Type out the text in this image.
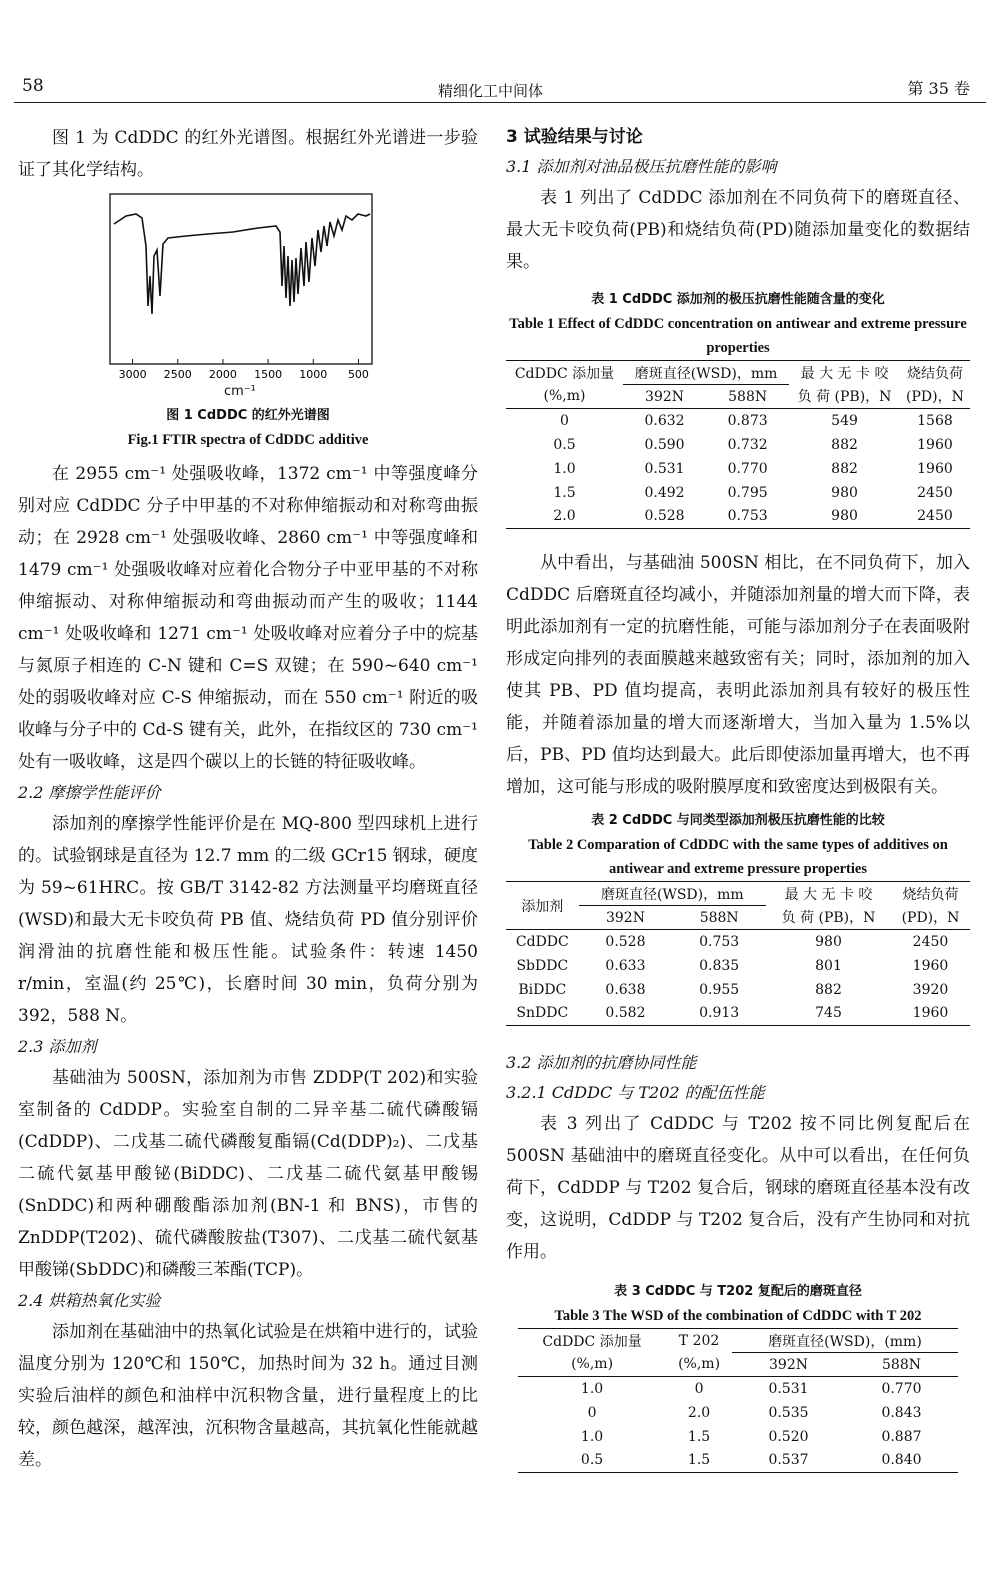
58	精细化工中间体	第 35 卷

图 1 为 CdDDC 的红外光谱图。根据红外光谱进一步验证了其化学结构。

3000 2500 2000 1500 1000 500
cm⁻¹
图 1 CdDDC 的红外光谱图
Fig.1 FTIR spectra of CdDDC additive

在 2955 cm⁻¹ 处强吸收峰，1372 cm⁻¹ 中等强度峰分别对应 CdDDC 分子中甲基的不对称伸缩振动和对称弯曲振动；在 2928 cm⁻¹ 处强吸收峰、2860 cm⁻¹ 中等强度峰和 1479 cm⁻¹ 处强吸收峰对应着化合物分子中亚甲基的不对称伸缩振动、对称伸缩振动和弯曲振动而产生的吸收；1144 cm⁻¹ 处吸收峰和 1271 cm⁻¹ 处吸收峰对应着分子中的烷基与氮原子相连的 C-N 键和 C=S 双键；在 590~640 cm⁻¹ 处的弱吸收峰对应 C-S 伸缩振动，而在 550 cm⁻¹ 附近的吸收峰与分子中的 Cd-S 键有关，此外，在指纹区的 730 cm⁻¹ 处有一吸收峰，这是四个碳以上的长链的特征吸收峰。

2.2 摩擦学性能评价

添加剂的摩擦学性能评价是在 MQ-800 型四球机上进行的。试验钢球是直径为 12.7 mm 的二级 GCr15 钢球，硬度为 59~61HRC。按 GB/T 3142-82 方法测量平均磨斑直径(WSD)和最大无卡咬负荷 PB 值、烧结负荷 PD 值分别评价润滑油的抗磨性能和极压性能。试验条件：转速 1450 r/min，室温(约 25℃)，长磨时间 30 min，负荷分别为 392，588 N。

2.3 添加剂

基础油为 500SN，添加剂为市售 ZDDP(T 202)和实验室制备的 CdDDP。实验室自制的二异辛基二硫代磷酸镉(CdDDP)、二戊基二硫代磷酸复酯镉(Cd(DDP)₂)、二戊基二硫代氨基甲酸铋(BiDDC)、二戊基二硫代氨基甲酸锡(SnDDC)和两种硼酸酯添加剂(BN-1 和 BNS)，市售的 ZnDDP(T202)、硫代磷酸胺盐(T307)、二戊基二硫代氨基甲酸锑(SbDDC)和磷酸三苯酯(TCP)。

2.4 烘箱热氧化实验

添加剂在基础油中的热氧化试验是在烘箱中进行的，试验温度分别为 120℃和 150℃，加热时间为 32 h。通过目测实验后油样的颜色和油样中沉积物含量，进行量程度上的比较，颜色越深，越浑浊，沉积物含量越高，其抗氧化性能就越差。

3 试验结果与讨论
3.1 添加剂对油品极压抗磨性能的影响

表 1 列出了 CdDDC 添加剂在不同负荷下的磨斑直径、最大无卡咬负荷(PB)和烧结负荷(PD)随添加量变化的数据结果。

表 1 CdDDC 添加剂的极压抗磨性能随含量的变化
Table 1 Effect of CdDDC concentration on antiwear and extreme pressure properties
CdDDC 添加量	磨斑直径(WSD)，mm		最 大 无 卡 咬	烧结负荷
(%,m)	392N	588N	负 荷 (PB)，N	(PD)，N
0	0.632	0.873	549	1568
0.5	0.590	0.732	882	1960
1.0	0.531	0.770	882	1960
1.5	0.492	0.795	980	2450
2.0	0.528	0.753	980	2450

从中看出，与基础油 500SN 相比，在不同负荷下，加入 CdDDC 后磨斑直径均减小，并随添加剂量的增大而下降，表明此添加剂有一定的抗磨性能，可能与添加剂分子在表面吸附形成定向排列的表面膜越来越致密有关；同时，添加剂的加入使其 PB、PD 值均提高，表明此添加剂具有较好的极压性能，并随着添加量的增大而逐渐增大，当加入量为 1.5%以后，PB、PD 值均达到最大。此后即使添加量再增大，也不再增加，这可能与形成的吸附膜厚度和致密度达到极限有关。

表 2 CdDDC 与同类型添加剂极压抗磨性能的比较
Table 2 Comparation of CdDDC with the same types of additives on antiwear and extreme pressure properties
添加剂	磨斑直径(WSD)，mm		最 大 无 卡 咬	烧结负荷
	392N	588N	负 荷 (PB)，N	(PD)，N
CdDDC	0.528	0.753	980	2450
SbDDC	0.633	0.835	801	1960
BiDDC	0.638	0.955	882	3920
SnDDC	0.582	0.913	745	1960
3.2 添加剂的抗磨协同性能
3.2.1 CdDDC 与 T202 的配伍性能

表 3 列出了 CdDDC 与 T202 按不同比例复配后在 500SN 基础油中的磨斑直径变化。从中可以看出，在任何负荷下，CdDDP 与 T202 复合后，钢球的磨斑直径基本没有改变，这说明，CdDDP 与 T202 复合后，没有产生协同和对抗作用。

表 3 CdDDC 与 T202 复配后的磨斑直径
Table 3 The WSD of the combination of CdDDC with T 202
CdDDC 添加量	T 202	磨斑直径(WSD)，(mm)	
(%,m)	(%,m)	392N	588N
1.0	0	0.531	0.770
0	2.0	0.535	0.843
1.0	1.5	0.520	0.887
0.5	1.5	0.537	0.840
